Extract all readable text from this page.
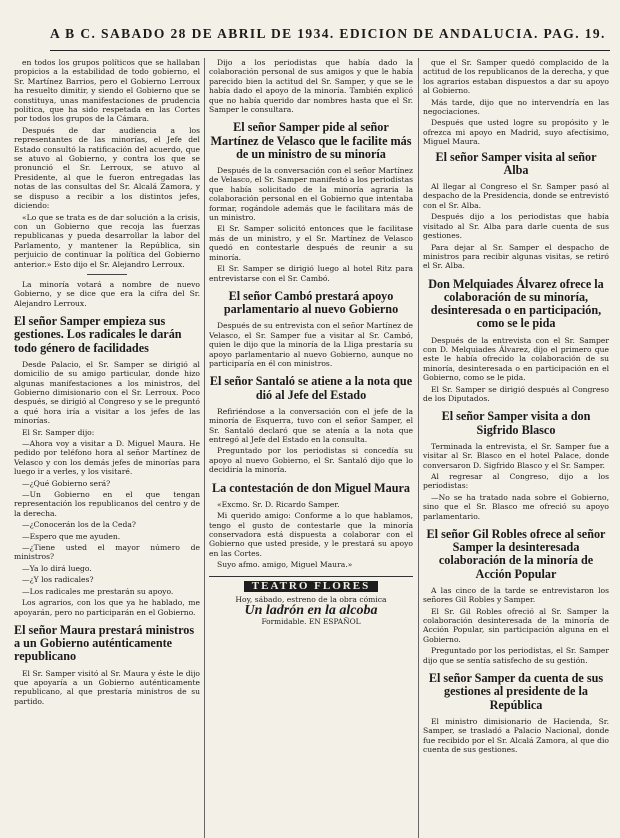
A B C. SABADO 28 DE ABRIL DE 1934. EDICION DE ANDALUCIA. PAG. 19.

en todos los grupos políticos que se hallaban propicios a la estabilidad de todo gobierno, el Sr. Martínez Barrios, pero el Gobierno Lerroux ha resuelto dimitir, y siendo el Gobierno que se constituya, unas manifestaciones de prudencia política, que ha sido respetada en las Cortes por todos los grupos de la Cámara.

Después de dar audiencia a los representantes de las minorías, el Jefe del Estado consultó la ratificación del acuerdo, que se atuvo al Gobierno, y contra los que se pronunció el Sr. Lerroux, se atuvo al Presidente, al que le fueron entregadas las notas de las consultas del Sr. Alcalá Zamora, y se dispuso a recibir a los distintos jefes, diciendo:

«Lo que se trata es de dar solución a la crisis, con un Gobierno que recoja las fuerzas republicanas y pueda desarrollar la labor del Parlamento, y mantener la República, sin perjuicio de continuar la política del Gobierno anterior.» Esto dijo el Sr. Alejandro Lerroux.

La minoría votará a nombre de nuevo Gobierno, y se dice que era la cifra del Sr. Alejandro Lerroux.

El señor Samper empieza sus gestiones. Los radicales le darán todo género de facilidades

Desde Palacio, el Sr. Samper se dirigió al domicilio de su amigo particular, donde hizo algunas manifestaciones a los ministros, del Gobierno dimisionario con el Sr. Lerroux. Poco después, se dirigió al Congreso y se le preguntó a qué hora iría a visitar a los jefes de las minorías.

El Sr. Samper dijo:

—Ahora voy a visitar a D. Miguel Maura. He pedido por teléfono hora al señor Martínez de Velasco y con los demás jefes de minorías para luego ir a verles, y los visitaré.

—¿Qué Gobierno será?

—Un Gobierno en el que tengan representación los republicanos del centro y de la derecha.

—¿Conocerán los de la Ceda?

—Espero que me ayuden.

—¿Tiene usted el mayor número de ministros?

—Ya lo dirá luego.

—¿Y los radicales?

—Los radicales me prestarán su apoyo.

Los agrarios, con los que ya he hablado, me apoyarán, pero no participarán en el Gobierno.

El señor Maura prestará ministros a un Gobierno auténticamente republicano

El Sr. Samper visitó al Sr. Maura y éste le dijo que apoyaría a un Gobierno auténticamente republicano, al que prestaría ministros de su partido.

Dijo a los periodistas que había dado la colaboración personal de sus amigos y que le había parecido bien la actitud del Sr. Samper, y que se le había dado el apoyo de la minoría. También explicó que no había querido dar nombres hasta que el Sr. Samper le consultara.

El señor Samper pide al señor Martínez de Velasco que le facilite más de un ministro de su minoría

Después de la conversación con el señor Martínez de Velasco, el Sr. Samper manifestó a los periodistas que había solicitado de la minoría agraria la colaboración personal en el Gobierno que intentaba formar, rogándole además que le facilitara más de un ministro.

El Sr. Samper solicitó entonces que le facilitase más de un ministro, y el Sr. Martínez de Velasco quedó en contestarle después de reunir a su minoría.

El Sr. Samper se dirigió luego al hotel Ritz para entrevistarse con el Sr. Cambó.

El señor Cambó prestará apoyo parlamentario al nuevo Gobierno

Después de su entrevista con el señor Martínez de Velasco, el Sr. Samper fue a visitar al Sr. Cambó, quien le dijo que la minoría de la Lliga prestaría su apoyo parlamentario al nuevo Gobierno, aunque no participaría en él con ministros.

El señor Santaló se atiene a la nota que dió al Jefe del Estado

Refiriéndose a la conversación con el jefe de la minoría de Esquerra, tuvo con el señor Samper, el Sr. Santaló declaró que se atenía a la nota que entregó al Jefe del Estado en la consulta.

Preguntado por los periodistas si concedía su apoyo al nuevo Gobierno, el Sr. Santaló dijo que lo decidiría la minoría.

La contestación de don Miguel Maura

«Excmo. Sr. D. Ricardo Samper.

Mi querido amigo: Conforme a lo que hablamos, tengo el gusto de contestarle que la minoría conservadora está dispuesta a colaborar con el Gobierno que usted preside, y le prestará su apoyo en las Cortes.

Suyo afmo. amigo, Miguel Maura.»

TEATRO FLORES
Hoy, sábado, estreno de la obra cómica
Un ladrón en la alcoba
Formidable. EN ESPAÑOL

que el Sr. Samper quedó complacido de la actitud de los republicanos de la derecha, y que los agrarios estaban dispuestos a dar su apoyo al Gobierno.

Más tarde, dijo que no intervendría en las negociaciones.

Después que usted logre su propósito y le ofrezca mi apoyo en Madrid, suyo afectísimo, Miguel Maura.

El señor Samper visita al señor Alba

Al llegar al Congreso el Sr. Samper pasó al despacho de la Presidencia, donde se entrevistó con el Sr. Alba.

Después dijo a los periodistas que había visitado al Sr. Alba para darle cuenta de sus gestiones.

Para dejar al Sr. Samper el despacho de ministros para recibir algunas visitas, se retiró el Sr. Alba.

Don Melquiades Álvarez ofrece la colaboración de su minoría, desinteresada o en participación, como se le pida

Después de la entrevista con el Sr. Samper con D. Melquiades Álvarez, dijo el primero que este le había ofrecido la colaboración de su minoría, desinteresada o en participación en el Gobierno, como se le pida.

El Sr. Samper se dirigió después al Congreso de los Diputados.

El señor Samper visita a don Sigfrido Blasco

Terminada la entrevista, el Sr. Samper fue a visitar al Sr. Blasco en el hotel Palace, donde conversaron D. Sigfrido Blasco y el Sr. Samper.

Al regresar al Congreso, dijo a los periodistas:

—No se ha tratado nada sobre el Gobierno, sino que el Sr. Blasco me ofreció su apoyo parlamentario.

El señor Gil Robles ofrece al señor Samper la desinteresada colaboración de la minoría de Acción Popular

A las cinco de la tarde se entrevistaron los señores Gil Robles y Samper.

El Sr. Gil Robles ofreció al Sr. Samper la colaboración desinteresada de la minoría de Acción Popular, sin participación alguna en el Gobierno.

Preguntado por los periodistas, el Sr. Samper dijo que se sentía satisfecho de su gestión.

El señor Samper da cuenta de sus gestiones al presidente de la República

El ministro dimisionario de Hacienda, Sr. Samper, se trasladó a Palacio Nacional, donde fue recibido por el Sr. Alcalá Zamora, al que dio cuenta de sus gestiones.
